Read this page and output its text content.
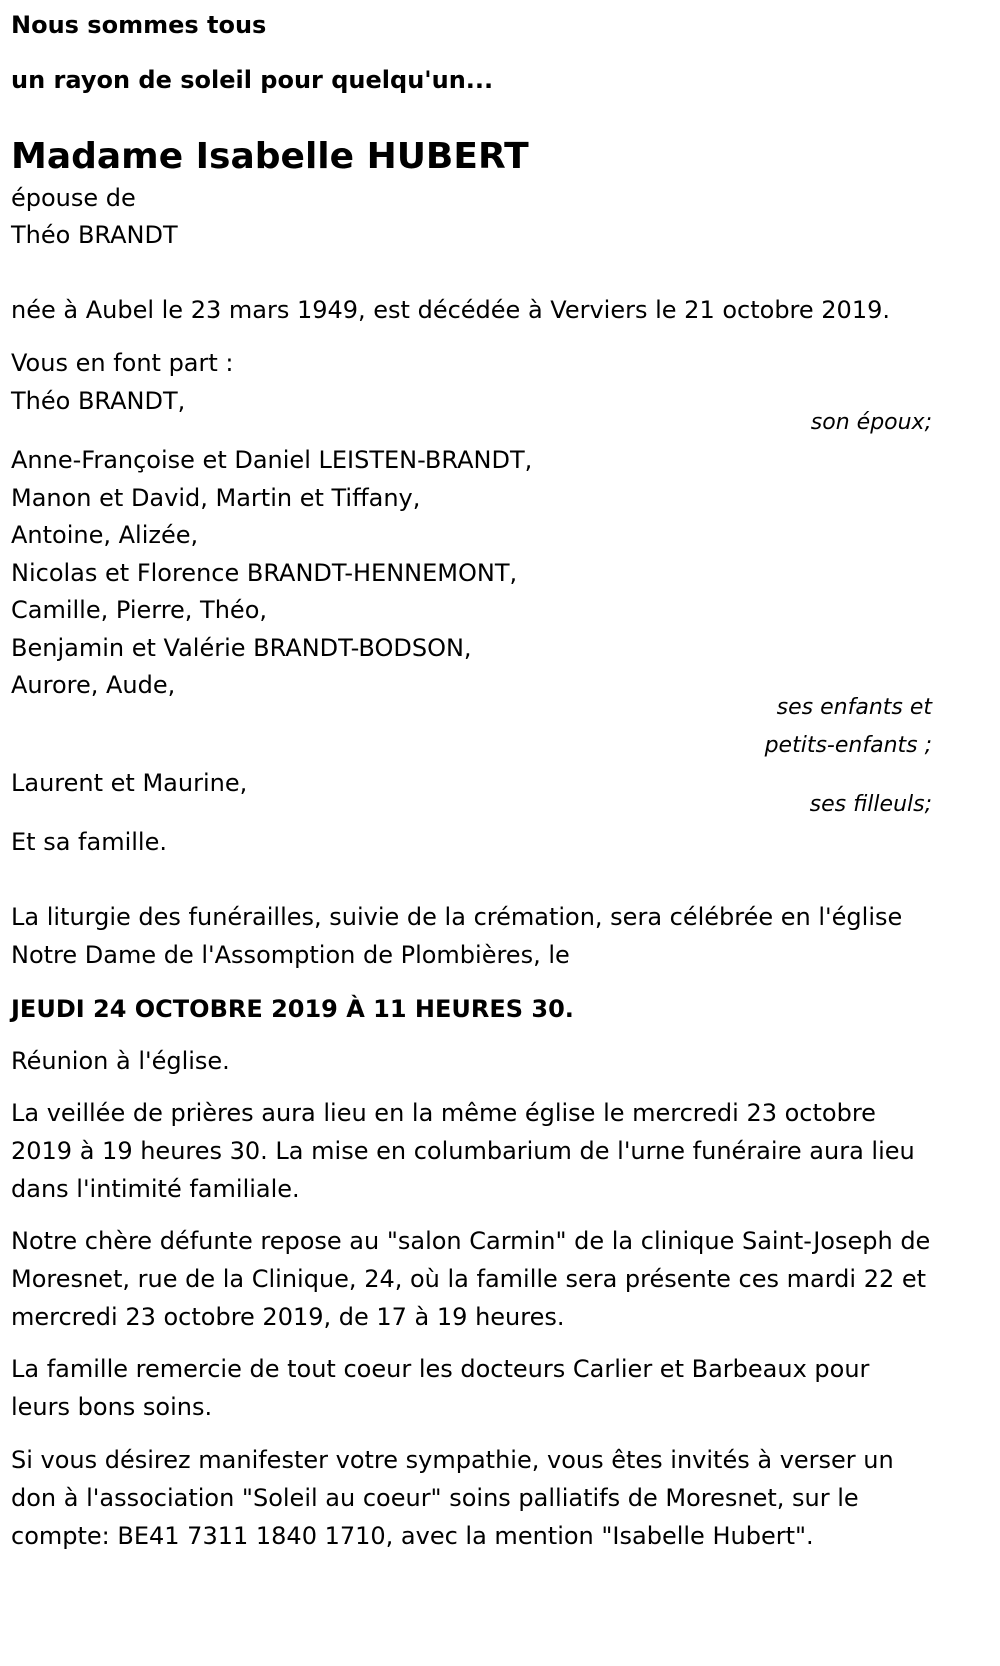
Nous sommes tous
un rayon de soleil pour quelqu'un...
Madame Isabelle HUBERT
épouse de
Théo BRANDT
née à Aubel le 23 mars 1949, est décédée à Verviers le 21 octobre 2019.
Vous en font part :
Théo BRANDT,
son époux;
Anne-Françoise et Daniel LEISTEN-BRANDT,
Manon et David, Martin et Tiffany,
Antoine, Alizée,
Nicolas et Florence BRANDT-HENNEMONT,
Camille, Pierre, Théo,
Benjamin et Valérie BRANDT-BODSON,
Aurore, Aude,
ses enfants et
petits-enfants ;
Laurent et Maurine,
ses filleuls;
Et sa famille.
La liturgie des funérailles, suivie de la crémation, sera célébrée en l'église Notre Dame de l'Assomption de Plombières, le
JEUDI 24 OCTOBRE 2019 À 11 HEURES 30.
Réunion à l'église.
La veillée de prières aura lieu en la même église le mercredi 23 octobre 2019 à 19 heures 30. La mise en columbarium de l'urne funéraire aura lieu dans l'intimité familiale.
Notre chère défunte repose au "salon Carmin" de la clinique Saint-Joseph de Moresnet, rue de la Clinique, 24, où la famille sera présente ces mardi 22 et mercredi 23 octobre 2019, de 17 à 19 heures.
La famille remercie de tout coeur les docteurs Carlier et Barbeaux pour leurs bons soins.
Si vous désirez manifester votre sympathie, vous êtes invités à verser un don à l'association "Soleil au coeur" soins palliatifs de Moresnet, sur le compte: BE41 7311 1840 1710, avec la mention "Isabelle Hubert".
